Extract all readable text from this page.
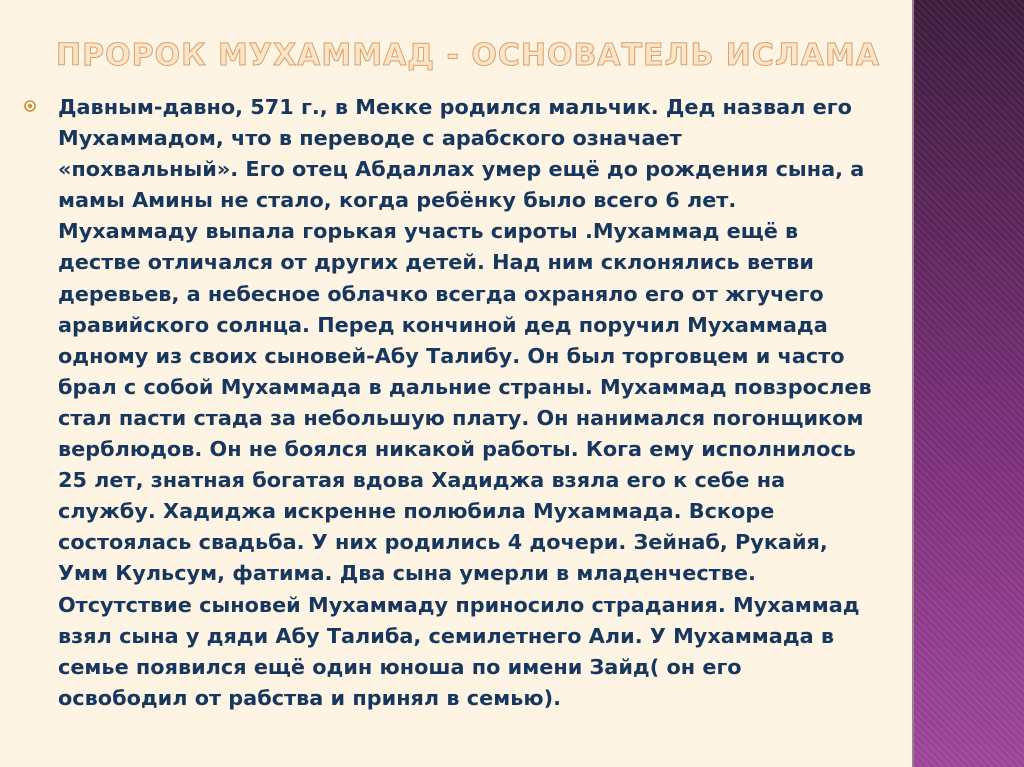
ПРОРОК МУХАММАД - ОСНОВАТЕЛЬ ИСЛАМА

Давным-давно, 571 г., в Мекке родился мальчик. Дед назвал его
Мухаммадом, что в переводе с арабского означает
«похвальный». Его отец Абдаллах умер ещё до рождения сына, а
мамы Амины не стало, когда ребёнку было всего 6 лет.
Мухаммаду выпала горькая участь сироты .Мухаммад ещё в
дестве отличался от других детей. Над ним склонялись ветви
деревьев, а небесное облачко всегда охраняло его от жгучего
аравийского солнца. Перед кончиной дед поручил Мухаммада
одному из своих сыновей-Абу Талибу. Он был торговцем и часто
брал с собой Мухаммада в дальние страны. Мухаммад повзрослев
стал пасти стада за небольшую плату. Он нанимался погонщиком
верблюдов. Он не боялся никакой работы. Кога ему исполнилось
25 лет, знатная богатая вдова Хадиджа взяла его к себе на
службу. Хадиджа искренне полюбила Мухаммада. Вскоре
состоялась свадьба. У них родились 4 дочери. Зейнаб, Рукайя,
Умм Кульсум, фатима. Два сына умерли в младенчестве.
Отсутствие сыновей Мухаммаду приносило страдания. Мухаммад
взял сына у дяди Абу Талиба, семилетнего Али. У Мухаммада в
семье появился ещё один юноша по имени Зайд( он его
освободил от рабства и принял в семью).
